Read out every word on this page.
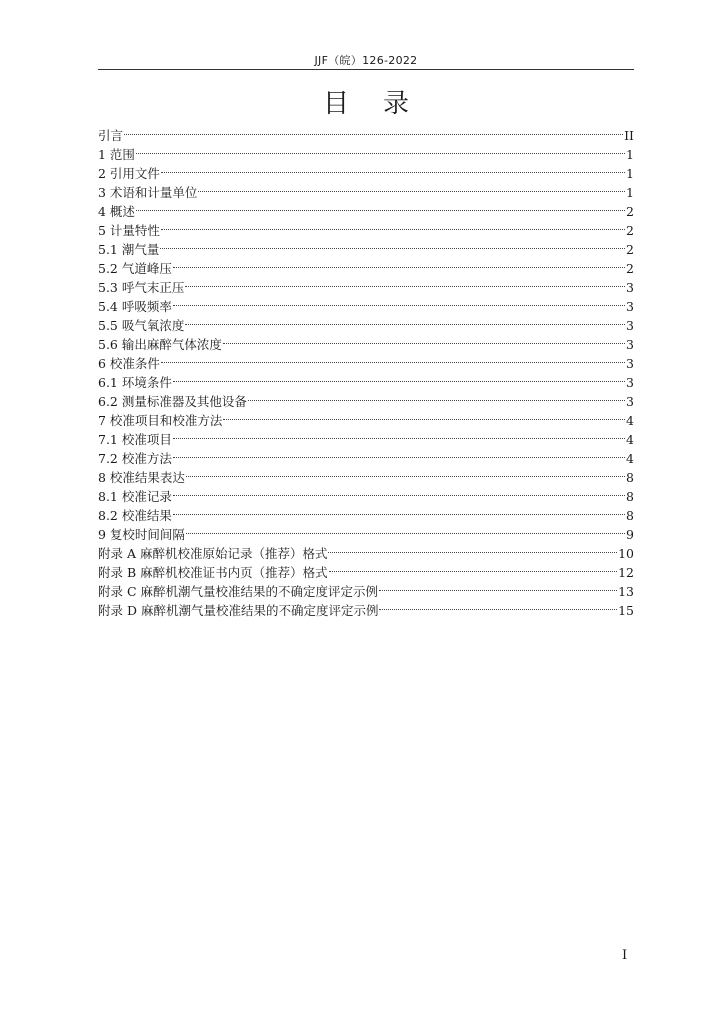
JJF（皖）126-2022
目录
引言	II
1 范围	1
2 引用文件	1
3 术语和计量单位	1
4 概述	2
5 计量特性	2
5.1 潮气量	2
5.2 气道峰压	2
5.3 呼气末正压	3
5.4 呼吸频率	3
5.5 吸气氧浓度	3
5.6 输出麻醉气体浓度	3
6 校准条件	3
6.1 环境条件	3
6.2 测量标准器及其他设备	3
7 校准项目和校准方法	4
7.1 校准项目	4
7.2 校准方法	4
8 校准结果表达	8
8.1 校准记录	8
8.2 校准结果	8
9 复校时间间隔	9
附录 A 麻醉机校准原始记录（推荐）格式	10
附录 B 麻醉机校准证书内页（推荐）格式	12
附录 C 麻醉机潮气量校准结果的不确定度评定示例	13
附录 D 麻醉机潮气量校准结果的不确定度评定示例	15
I
